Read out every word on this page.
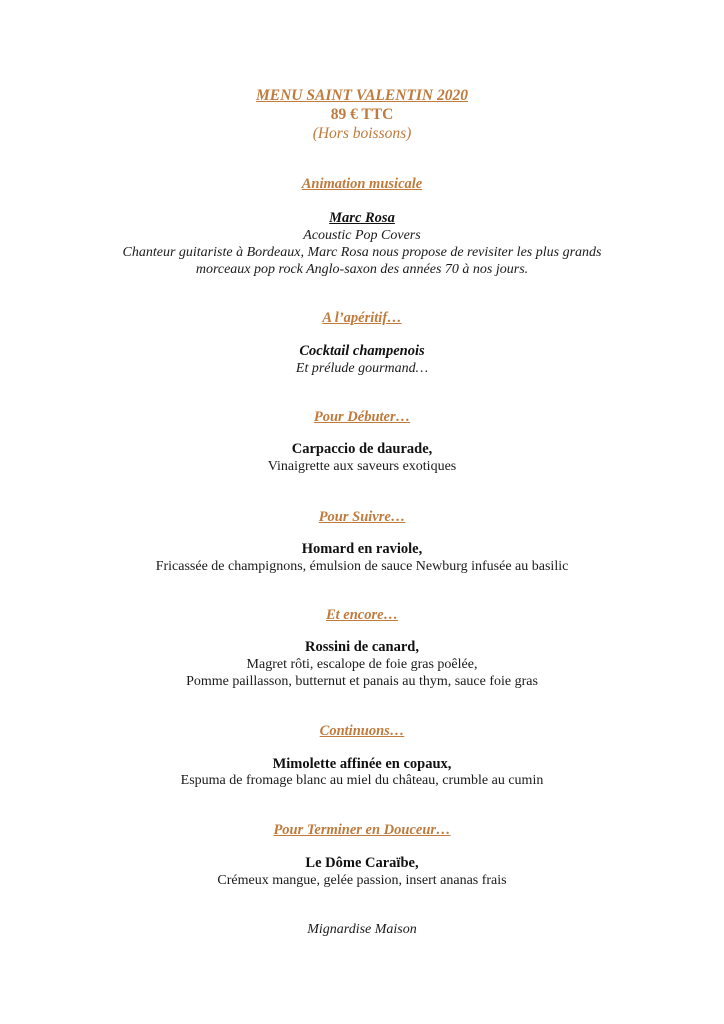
MENU SAINT VALENTIN 2020
89 € TTC
(Hors boissons)
Animation musicale
Marc Rosa
Acoustic Pop Covers
Chanteur guitariste à Bordeaux, Marc Rosa nous propose de revisiter les plus grands
morceaux pop rock Anglo-saxon des années 70 à nos jours.
A l’apéritif…
Cocktail champenois
Et prélude gourmand…
Pour Débuter…
Carpaccio de daurade,
Vinaigrette aux saveurs exotiques
Pour Suivre…
Homard en raviole,
Fricassée de champignons, émulsion de sauce Newburg infusée au basilic
Et encore…
Rossini de canard,
Magret rôti, escalope de foie gras poêlée,
Pomme paillasson, butternut et panais au thym, sauce foie gras
Continuons…
Mimolette affinée en copaux,
Espuma de fromage blanc au miel du château, crumble au cumin
Pour Terminer en Douceur…
Le Dôme Caraïbe,
Crémeux mangue, gelée passion, insert ananas frais
Mignardise Maison
